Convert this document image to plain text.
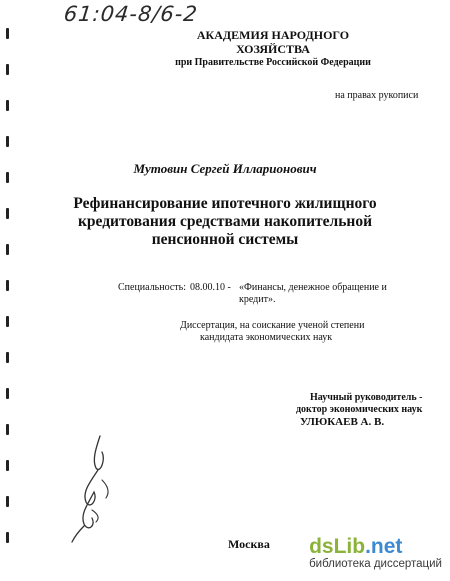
61:04-8/6-2
АКАДЕМИЯ НАРОДНОГО ХОЗЯЙСТВА
при Правительстве Российской Федерации
на правах рукописи
Мутовин Сергей Илларионович
Рефинансирование ипотечного жилищного
кредитования средствами накопительной
пенсионной системы
Специальность: 08.00.10 - «Финансы, денежное обращение и кредит».
Диссертация, на соискание ученой степени
кандидата экономических наук
Научный руководитель -
доктор экономических наук
УЛЮКАЕВ А. В.
Москва dsLib.net
библиотека диссертаций
